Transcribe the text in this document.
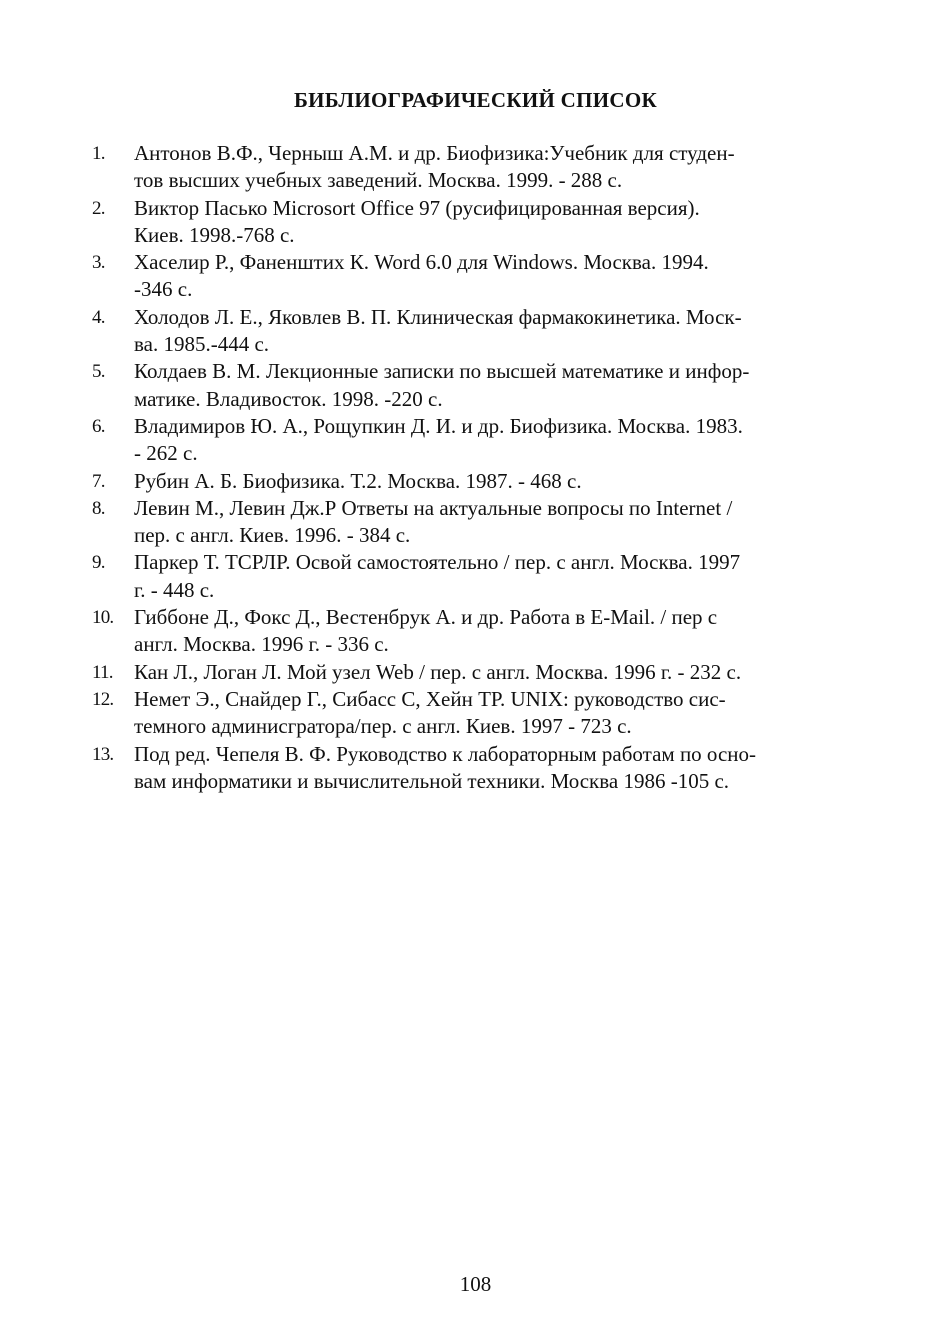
БИБЛИОГРАФИЧЕСКИЙ СПИСОК
1.	Антонов В.Ф., Черныш А.М. и др. Биофизика:Учебник для студен-
тов высших учебных заведений. Москва. 1999. - 288 с.
2.	Виктор Пасько Microsort Office 97 (русифицированная версия).
Киев. 1998.-768 с.
3.	Хаселир Р., Фаненштих К. Word 6.0 для Windows. Москва. 1994.
-346 с.
4.	Холодов Л. Е., Яковлев В. П. Клиническая фармакокинетика. Моск-
ва. 1985.-444 с.
5.	Колдаев В. М. Лекционные записки по высшей математике и инфор-
матике. Владивосток. 1998. -220 с.
6.	Владимиров Ю. А., Рощупкин Д. И. и др. Биофизика. Москва. 1983.
- 262 с.
7.	Рубин А. Б. Биофизика. Т.2. Москва. 1987. - 468 с.
8.	Левин М., Левин Дж.Р Ответы на актуальные вопросы по Internet /
пер. с англ. Киев. 1996. - 384 с.
9.	Паркер Т. ТСРЛР. Освой самостоятельно / пер. с англ. Москва. 1997
г. - 448 с.
10. Гиббоне Д., Фокс Д., Вестенбрук А. и др. Работа в E-Mail. / пер с
англ. Москва. 1996 г. - 336 с.
11.	Кан Л., Логан Л. Мой узел Web / пер. с англ. Москва. 1996 г. - 232 с.
12. Немет Э., Снайдер Г., Сибасс С, Хейн ТР. UNIX: руководство сис-
темного админисгратора/пер. с англ. Киев. 1997 - 723 с.
13. Под ред. Чепеля В. Ф. Руководство к лабораторным работам по осно-
вам информатики и вычислительной техники. Москва 1986 -105 с.
108
